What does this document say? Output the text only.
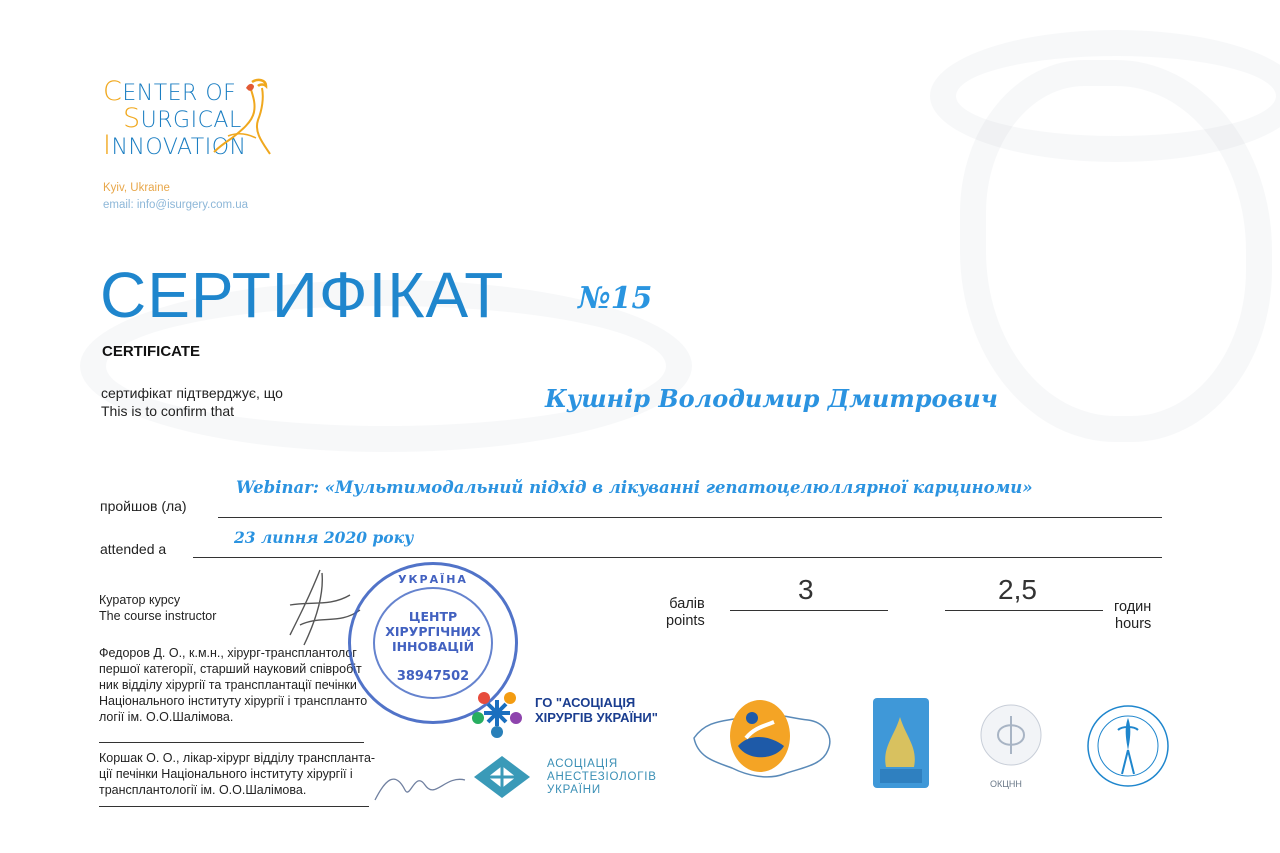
CENTER OF
SURGICAL
INNOVATION
Kyiv, Ukraine
email: info@isurgery.com.ua
СЕРТИФІКАТ №15
CERTIFICATE
сертифікат підтверджує, що
This is to confirm that	Кушнір Володимир Дмитрович
пройшов (ла)
Webinar: «Мультимодальний підхід в лікуванні гепатоцелюллярної карциноми»
attended a
23 липня 2020 року
Куратор курсу
The course instructor
Федоров Д. О., к.м.н., хірург-трансплантолог
першої категорії, старший науковий співробіт
ник відділу хірургії та трансплантації печінки
Національного інституту хірургії і трансплантo
логії ім. О.О.Шалімова.
Коршак О. О., лікар-хірург відділу трансплантa-
ції печінки Національного інституту хірургії і
трансплантології ім. О.О.Шалімова.
УКРАЇНА
ЦЕНТР
ХІРУРГІЧНИХ
ІННОВАЦІЙ
38947502
3
балів
points
2,5
годин
hours
ГО "АСОЦІАЦІЯ
ХІРУРГІВ УКРАЇНИ"
АСОЦІАЦІЯ
АНЕСТЕЗІОЛОГІВ
УКРАЇНИ	ОКЦНН
